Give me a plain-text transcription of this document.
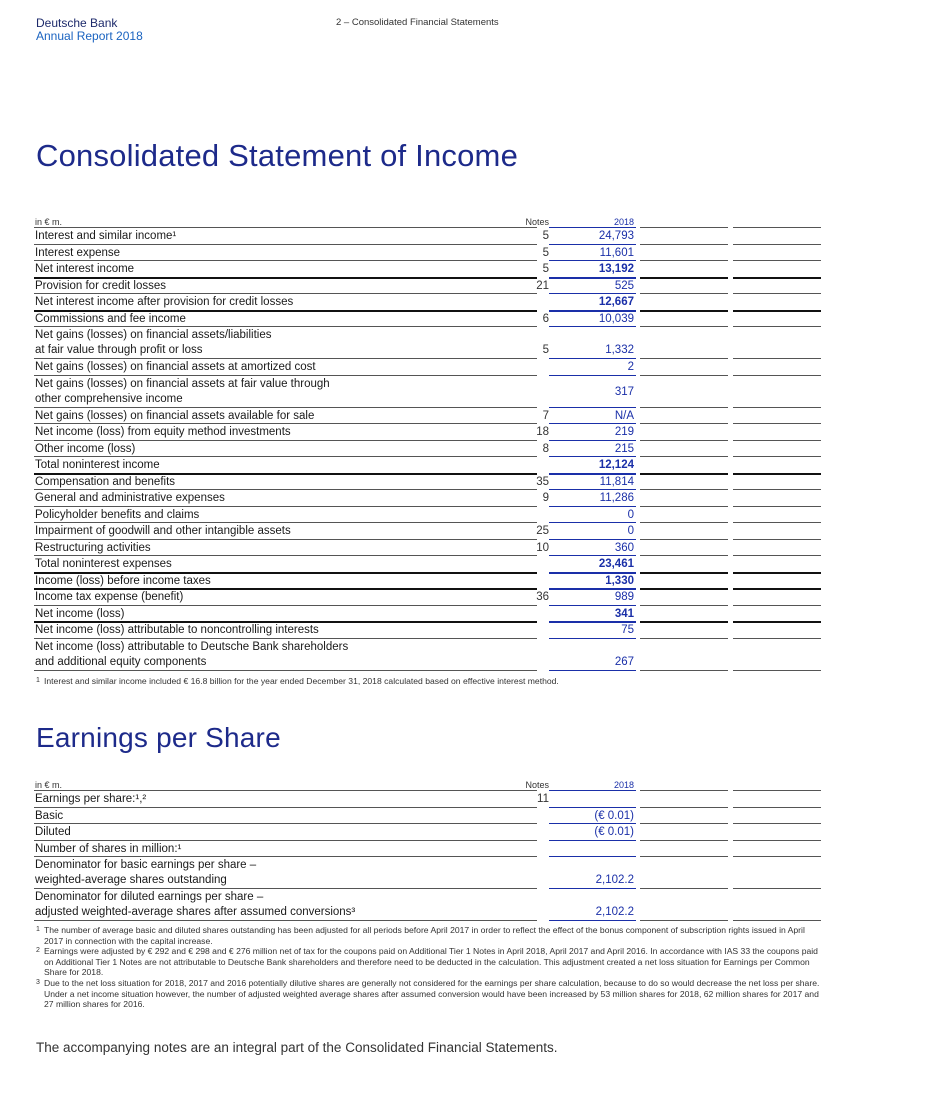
Deutsche Bank
Annual Report 2018
2 – Consolidated Financial Statements
Consolidated Statement of Income
in € m.	Notes	2018
Interest and similar income¹	5	24,793
Interest expense	5	11,601
Net interest income	5	13,192
Provision for credit losses	21	525
Net interest income after provision for credit losses	12,667
Commissions and fee income	6	10,039
Net gains (losses) on financial assets/liabilities
at fair value through profit or loss	5	1,332
Net gains (losses) on financial assets at amortized cost	2
Net gains (losses) on financial assets at fair value through
other comprehensive income
317
Net gains (losses) on financial assets available for sale	7	N/A
Net income (loss) from equity method investments	18	219
Other income (loss)	8	215
Total noninterest income	12,124
Compensation and benefits	35	11,814
General and administrative expenses	9	11,286
Policyholder benefits and claims	0
Impairment of goodwill and other intangible assets	25	0
Restructuring activities	10	360
Total noninterest expenses	23,461
Income (loss) before income taxes	1,330
Income tax expense (benefit)	36	989
Net income (loss)	341
Net income (loss) attributable to noncontrolling interests	75
Net income (loss) attributable to Deutsche Bank shareholders
and additional equity components	267
1 Interest and similar income included € 16.8 billion for the year ended December 31, 2018 calculated based on effective interest method.
Earnings per Share
in € m.	Notes	2018
Earnings per share:¹,²	11
Basic	(€ 0.01)
Diluted	(€ 0.01)
Number of shares in million:¹
Denominator for basic earnings per share –
weighted-average shares outstanding	2,102.2
Denominator for diluted earnings per share –
adjusted weighted-average shares after assumed conversions³	2,102.2
1 The number of average basic and diluted shares outstanding has been adjusted for all periods before April 2017 in order to reflect the effect of the bonus component of subscription rights issued in April 2017 in connection with the capital increase.
2 Earnings were adjusted by € 292 and € 298 and € 276 million net of tax for the coupons paid on Additional Tier 1 Notes in April 2018, April 2017 and April 2016. In accordance with IAS 33 the coupons paid on Additional Tier 1 Notes are not attributable to Deutsche Bank shareholders and therefore need to be deducted in the calculation. This adjustment created a net loss situation for Earnings per Common Share for 2018.
3 Due to the net loss situation for 2018, 2017 and 2016 potentially dilutive shares are generally not considered for the earnings per share calculation, because to do so would decrease the net loss per share. Under a net income situation however, the number of adjusted weighted average shares after assumed conversion would have been increased by 53 million shares for 2018, 62 million shares for 2017 and 27 million shares for 2016.
The accompanying notes are an integral part of the Consolidated Financial Statements.
